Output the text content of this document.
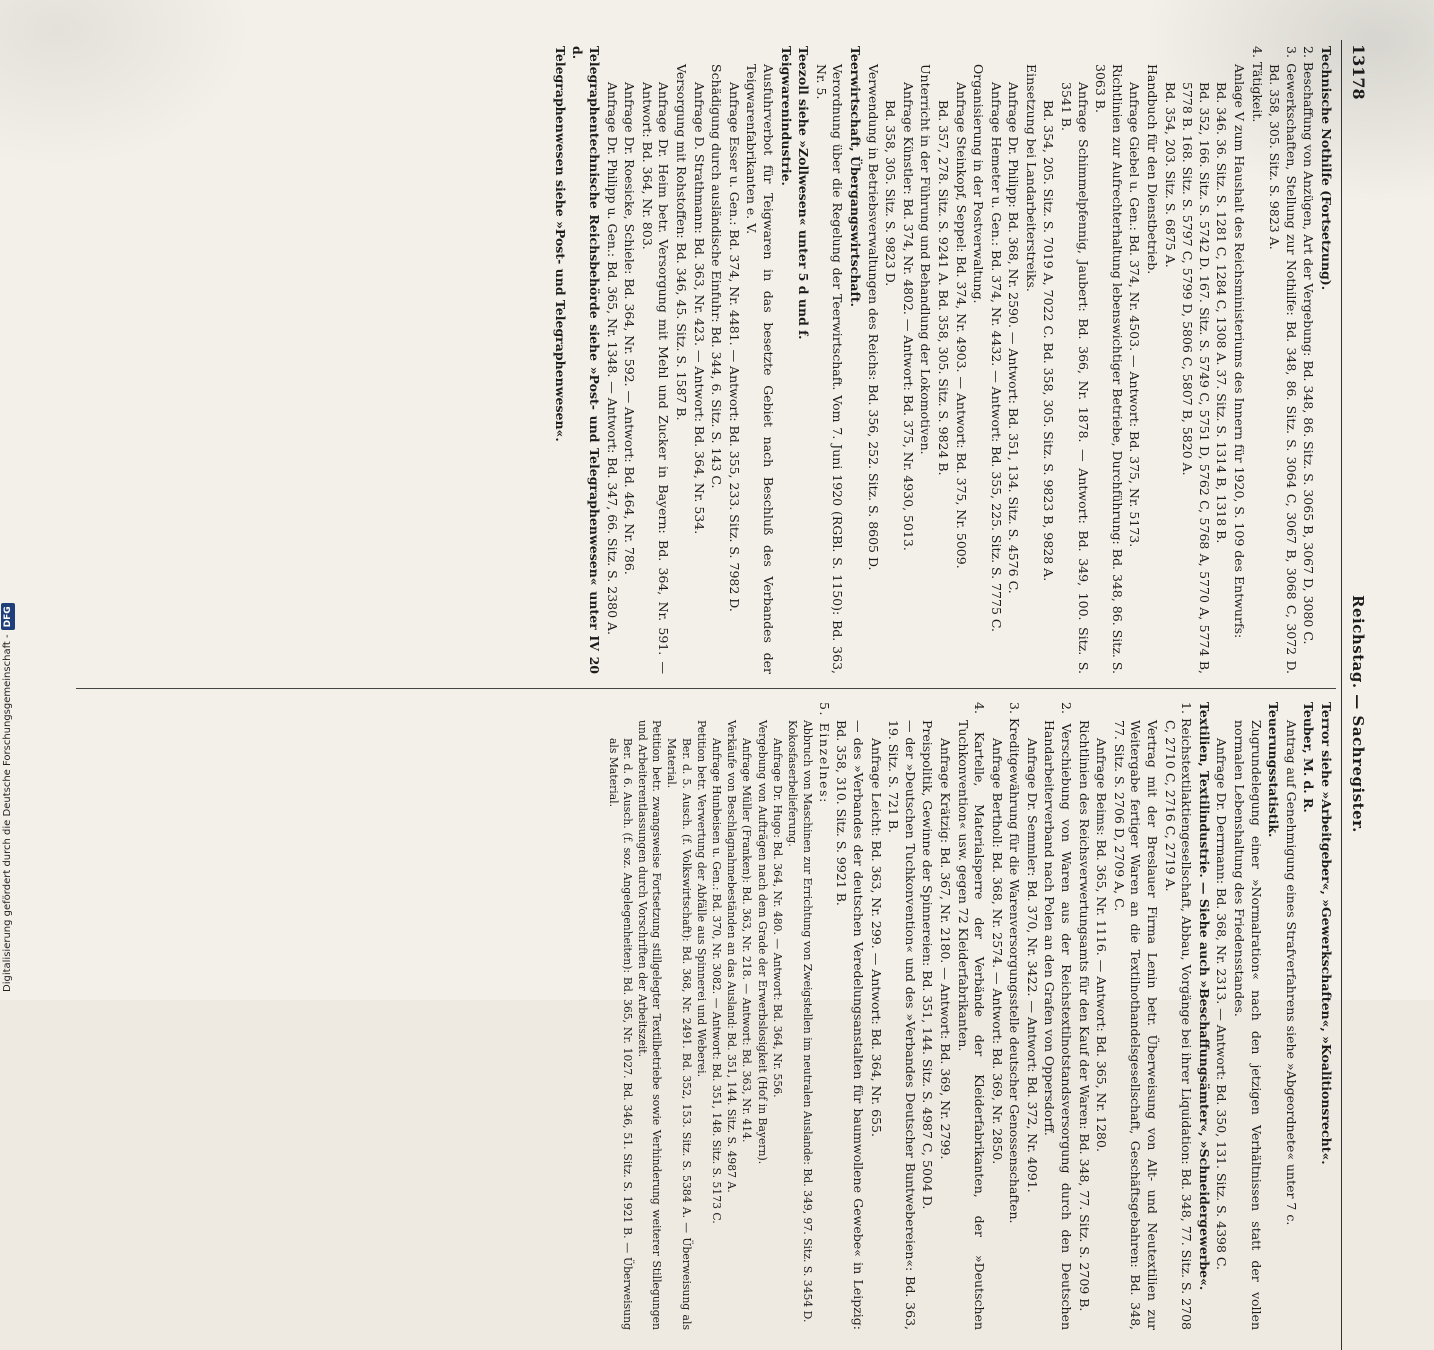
Digitalisierung gefördert durch die Deutsche Forschungsgemeinschaft -DFG
13178
Reichstag. — Sachregister.
Technische Nothilfe (Fortsetzung).
2. Beschaffung von Anzügen, Art der Vergebung: Bd. 348, 86. Sitz. S. 3065 B, 3067 D, 3080 C.
3. Gewerkschaften, Stellung zur Nothilfe: Bd. 348, 86. Sitz. S. 3064 C, 3067 B, 3068 C, 3072 D. Bd. 358, 305. Sitz. S. 9823 A.
4. Tätigkeit.
Anlage V zum Haushalt des Reichsministeriums des Innern für 1920, S. 109 des Entwurfs:
Bd. 346. 36. Sitz. S. 1281 C, 1284 C, 1308 A. 37. Sitz. S. 1314 B, 1318 B.
Bd. 352, 166. Sitz. S. 5742 D. 167. Sitz. S. 5749 C, 5751 D, 5762 C, 5768 A, 5770 A, 5774 B, 5778 B. 168. Sitz. S. 5797 C, 5799 D, 5806 C, 5807 B, 5820 A.
Bd. 354, 203. Sitz. S. 6875 A.
Handbuch für den Dienstbetrieb.
Anfrage Giebel u. Gen.: Bd. 374, Nr. 4503. — Antwort: Bd. 375, Nr. 5173.
Richtlinien zur Aufrechterhaltung lebenswichtiger Betriebe, Durchführung: Bd. 348, 86. Sitz. S. 3063 B.
Anfrage Schimmelpfennig, Jaubert: Bd. 366, Nr. 1878. — Antwort: Bd. 349, 100. Sitz. S. 3541 B.
Bd. 354, 205. Sitz. S. 7019 A, 7022 C. Bd. 358, 305. Sitz. S. 9823 B, 9828 A.
Einsetzung bei Landarbeiterstreiks.
Anfrage Dr. Philipp: Bd. 368, Nr. 2590. — Antwort: Bd. 351, 134. Sitz. S. 4576 C.
Anfrage Hemeter u. Gen.: Bd. 374, Nr. 4432. — Antwort: Bd. 355, 225. Sitz. S. 7775 C.
Organisierung in der Postverwaltung.
Anfrage Steinkopf, Seppel: Bd. 374, Nr. 4903. — Antwort: Bd. 375, Nr. 5009.
Bd. 357, 278. Sitz. S. 9241 A. Bd. 358, 305. Sitz. S. 9824 B.
Unterricht in der Führung und Behandlung der Lokomotiven.
Anfrage Künstler: Bd. 374, Nr. 4802. — Antwort: Bd. 375, Nr. 4930, 5013.
Bd. 358, 305. Sitz. S. 9823 D.
Verwendung in Betriebsverwaltungen des Reichs: Bd. 356, 252. Sitz. S. 8605 D.
Teerwirtschaft, Übergangswirtschaft.
Verordnung über die Regelung der Teerwirtschaft. Vom 7. Juni 1920 (RGBl. S. 1150): Bd. 363, Nr. 5.
Teezoll siehe »Zollwesen« unter 5 d und f.
Teigwarenindustrie.
Ausfuhrverbot für Teigwaren in das besetzte Gebiet nach Beschluß des Verbandes der Teigwarenfabrikanten e. V.
Anfrage Esser u. Gen.: Bd. 374, Nr. 4481. — Antwort: Bd. 355, 233. Sitz. S. 7982 D.
Schädigung durch ausländische Einfuhr: Bd. 344, 6. Sitz. S. 143 C.
Anfrage D. Strathmann: Bd. 363, Nr. 423. — Antwort: Bd. 364, Nr. 534.
Versorgung mit Rohstoffen: Bd. 346, 45. Sitz. S. 1587 B.
Anfrage Dr. Heim betr. Versorgung mit Mehl und Zucker in Bayern: Bd. 364, Nr. 591. — Antwort: Bd. 364, Nr. 803.
Anfrage Dr. Roesicke, Schiele: Bd. 364, Nr. 592. — Antwort: Bd. 464, Nr. 786.
Anfrage Dr. Philipp u. Gen.: Bd. 365, Nr. 1348. — Antwort: Bd. 347, 66. Sitz. S. 2380 A.
Telegraphentechnische Reichsbehörde siehe »Post- und Telegraphenwesen« unter IV 20 d.
Telegraphenwesen siehe »Post- und Telegraphenwesen«.
Terror siehe »Arbeitgeber«, »Gewerkschaften«, »Koalitionsrecht«.
Teuber, M. d. R.
Antrag auf Genehmigung eines Strafverfahrens siehe »Abgeordnete« unter 7 c.
Teuerungsstatistik.
Zugrundelegung einer »Normalration« nach den jetzigen Verhältnissen statt der vollen normalen Lebenshaltung des Friedensstandes.
Anfrage Dr. Derrmann: Bd. 368, Nr. 2313. — Antwort: Bd. 350, 131. Sitz. S. 4398 C.
Textilien, Textilindustrie. — Siehe auch »Beschaffungsämter«, »Schneidergewerbe«.
1. Reichstextilaktiengesellschaft, Abbau, Vorgänge bei ihrer Liquidation: Bd. 348, 77. Sitz. S. 2708 C, 2710 C, 2716 C, 2719 A.
Vertrag mit der Breslauer Firma Lenin betr. Überweisung von Alt- und Neutextilien zur Weitergabe fertiger Waren an die Textilnothandelsgesellschaft, Geschäftsgebahren: Bd. 348, 77. Sitz. S. 2706 D, 2709 A, C.
Anfrage Beims: Bd. 365, Nr. 1116. — Antwort: Bd. 365, Nr. 1280.
Richtlinien des Reichsverwertungsamts für den Kauf der Waren: Bd. 348, 77. Sitz. S. 2709 B.
2. Verschiebung von Waren aus der Reichstextilnotstandsversorgung durch den Deutschen Handarbeiterverband nach Polen an den Grafen von Oppersdorff.
Anfrage Dr. Semmler: Bd. 370, Nr. 3422. — Antwort: Bd. 372, Nr. 4091.
3. Kreditgewährung für die Warenversorgungsstelle deutscher Genossenschaften.
Anfrage Bertholl: Bd. 368, Nr. 2574. — Antwort: Bd. 369, Nr. 2850.
4. Kartelle, Materialsperre der Verbände der Kleiderfabrikanten, der »Deutschen Tuchkonvention« usw. gegen 72 Kleiderfabrikanten.
Anfrage Krätzig: Bd. 367, Nr. 2180. — Antwort: Bd. 369, Nr. 2799.
Preispolitik, Gewinne der Spinnereien: Bd. 351, 144. Sitz. S. 4987 C, 5004 D.
— der »Deutschen Tuchkonvention« und des »Verbandes Deutscher Buntwebereien«: Bd. 363, 19. Sitz. S. 721 B.
Anfrage Leicht: Bd. 363, Nr. 299. — Antwort: Bd. 364, Nr. 655.
— des »Verbandes der deutschen Veredelungsanstalten für baumwollene Gewebe« in Leipzig: Bd. 358, 310. Sitz. S. 9921 B.
5. Einzelnes:
Abbruch von Maschinen zur Errichtung von Zweigstellen im neutralen Auslande: Bd. 349, 97. Sitz. S. 3454 D.
Kokosfaserbelieferung.
Anfrage Dr. Hugo: Bd. 364, Nr. 480. — Antwort: Bd. 364, Nr. 556.
Vergebung von Aufträgen nach dem Grade der Erwerbslosigkeit (Hof in Bayern).
Anfrage Müller (Franken): Bd. 363, Nr. 218. — Antwort: Bd. 363, Nr. 414.
Verkäufe von Beschlagnahmebeständen an das Ausland: Bd. 351, 144. Sitz. S. 4987 A.
Anfrage Hunbeisen u. Gen.: Bd. 370, Nr. 3082. — Antwort: Bd. 351, 148. Sitz. S. 5173 C.
Petition betr. Verwertung der Abfälle aus Spinnerei und Weberei.
Ber. d. 5. Ausch. (f. Volkswirtschaft): Bd. 368, Nr. 2491. Bd. 352, 153. Sitz. S. 5384 A. — Überweisung als Material.
Petition betr. zwangsweise Fortsetzung stillgelegter Textilbetriebe sowie Verhinderung weiterer Stillegungen und Arbeiterentlassungen durch Vorschriften der Arbeitszeit.
Ber. d. 6. Ausch. (f. soz. Angelegenheiten): Bd. 365, Nr. 1027. Bd. 346, 51. Sitz. S. 1921 B. — Überweisung als Material.
